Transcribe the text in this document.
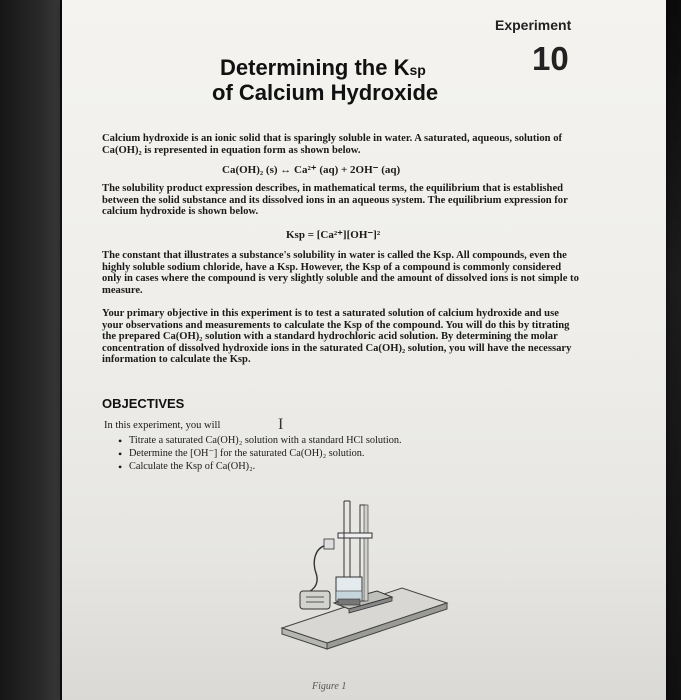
Experiment
10
Determining the Ksp
of Calcium Hydroxide
Calcium hydroxide is an ionic solid that is sparingly soluble in water. A saturated, aqueous, solution of Ca(OH)₂ is represented in equation form as shown below.
Ca(OH)₂ (s) ↔ Ca²⁺ (aq) + 2OH⁻ (aq)
The solubility product expression describes, in mathematical terms, the equilibrium that is established between the solid substance and its dissolved ions in an aqueous system. The equilibrium expression for calcium hydroxide is shown below.
Ksp = [Ca²⁺][OH⁻]²
The constant that illustrates a substance's solubility in water is called the Ksp. All compounds, even the highly soluble sodium chloride, have a Ksp. However, the Ksp of a compound is commonly considered only in cases where the compound is very slightly soluble and the amount of dissolved ions is not simple to measure.
Your primary objective in this experiment is to test a saturated solution of calcium hydroxide and use your observations and measurements to calculate the Ksp of the compound. You will do this by titrating the prepared Ca(OH)₂ solution with a standard hydrochloric acid solution. By determining the molar concentration of dissolved hydroxide ions in the saturated Ca(OH)₂ solution, you will have the necessary information to calculate the Ksp.
OBJECTIVES
In this experiment, you will	I
• Titrate a saturated Ca(OH)₂ solution with a standard HCl solution.
• Determine the [OH⁻] for the saturated Ca(OH)₂ solution.
• Calculate the Ksp of Ca(OH)₂.
Figure 1
